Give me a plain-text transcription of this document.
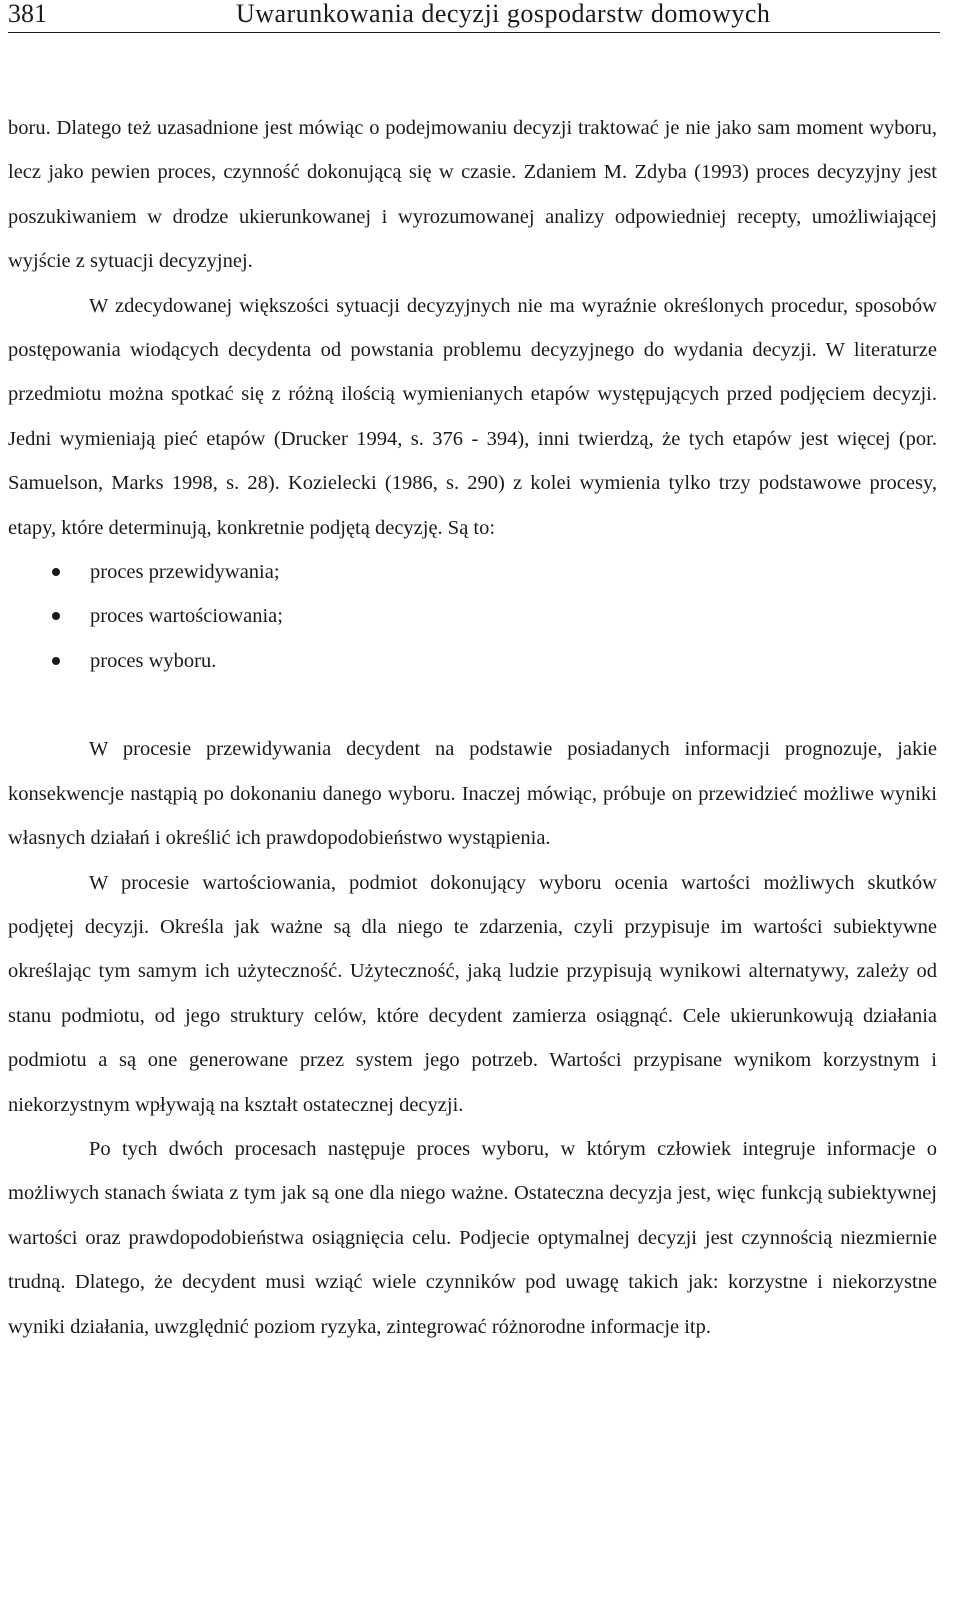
381	Uwarunkowania decyzji gospodarstw domowych

boru. Dlatego też uzasadnione jest mówiąc o podejmowaniu decyzji traktować je nie jako sam moment wyboru, lecz jako pewien proces, czynność dokonującą się w czasie. Zdaniem M. Zdyba (1993) proces decyzyjny jest poszukiwaniem w drodze ukierunkowanej i wyrozumowanej analizy odpowiedniej recepty, umożliwiającej wyjście z sytuacji decyzyjnej.

W zdecydowanej większości sytuacji decyzyjnych nie ma wyraźnie określonych procedur, sposobów postępowania wiodących decydenta od powstania problemu decyzyjnego do wydania decyzji. W literaturze przedmiotu można spotkać się z różną ilością wymienianych etapów występujących przed podjęciem decyzji. Jedni wymieniają pieć etapów (Drucker 1994, s. 376 - 394), inni twierdzą, że tych etapów jest więcej (por. Samuelson, Marks 1998, s. 28). Kozielecki (1986, s. 290) z kolei wymienia tylko trzy podstawowe procesy, etapy, które determinują, konkretnie podjętą decyzję. Są to:

proces przewidywania;
proces wartościowania;
proces wyboru.

W procesie przewidywania decydent na podstawie posiadanych informacji prognozuje, jakie konsekwencje nastąpią po dokonaniu danego wyboru. Inaczej mówiąc, próbuje on przewidzieć możliwe wyniki własnych działań i określić ich prawdopodobieństwo wystąpienia.

W procesie wartościowania, podmiot dokonujący wyboru ocenia wartości możliwych skutków podjętej decyzji. Określa jak ważne są dla niego te zdarzenia, czyli przypisuje im wartości subiektywne określając tym samym ich użyteczność. Użyteczność, jaką ludzie przypisują wynikowi alternatywy, zależy od stanu podmiotu, od jego struktury celów, które decydent zamierza osiągnąć. Cele ukierunkowują działania podmiotu a są one generowane przez system jego potrzeb. Wartości przypisane wynikom korzystnym i niekorzystnym wpływają na kształt ostatecznej decyzji.

Po tych dwóch procesach następuje proces wyboru, w którym człowiek integruje informacje o możliwych stanach świata z tym jak są one dla niego ważne. Ostateczna decyzja jest, więc funkcją subiektywnej wartości oraz prawdopodobieństwa osiągnięcia celu. Podjecie optymalnej decyzji jest czynnością niezmiernie trudną. Dlatego, że decydent musi wziąć wiele czynników pod uwagę takich jak: korzystne i niekorzystne wyniki działania, uwzględnić poziom ryzyka, zintegrować różnorodne informacje itp.
